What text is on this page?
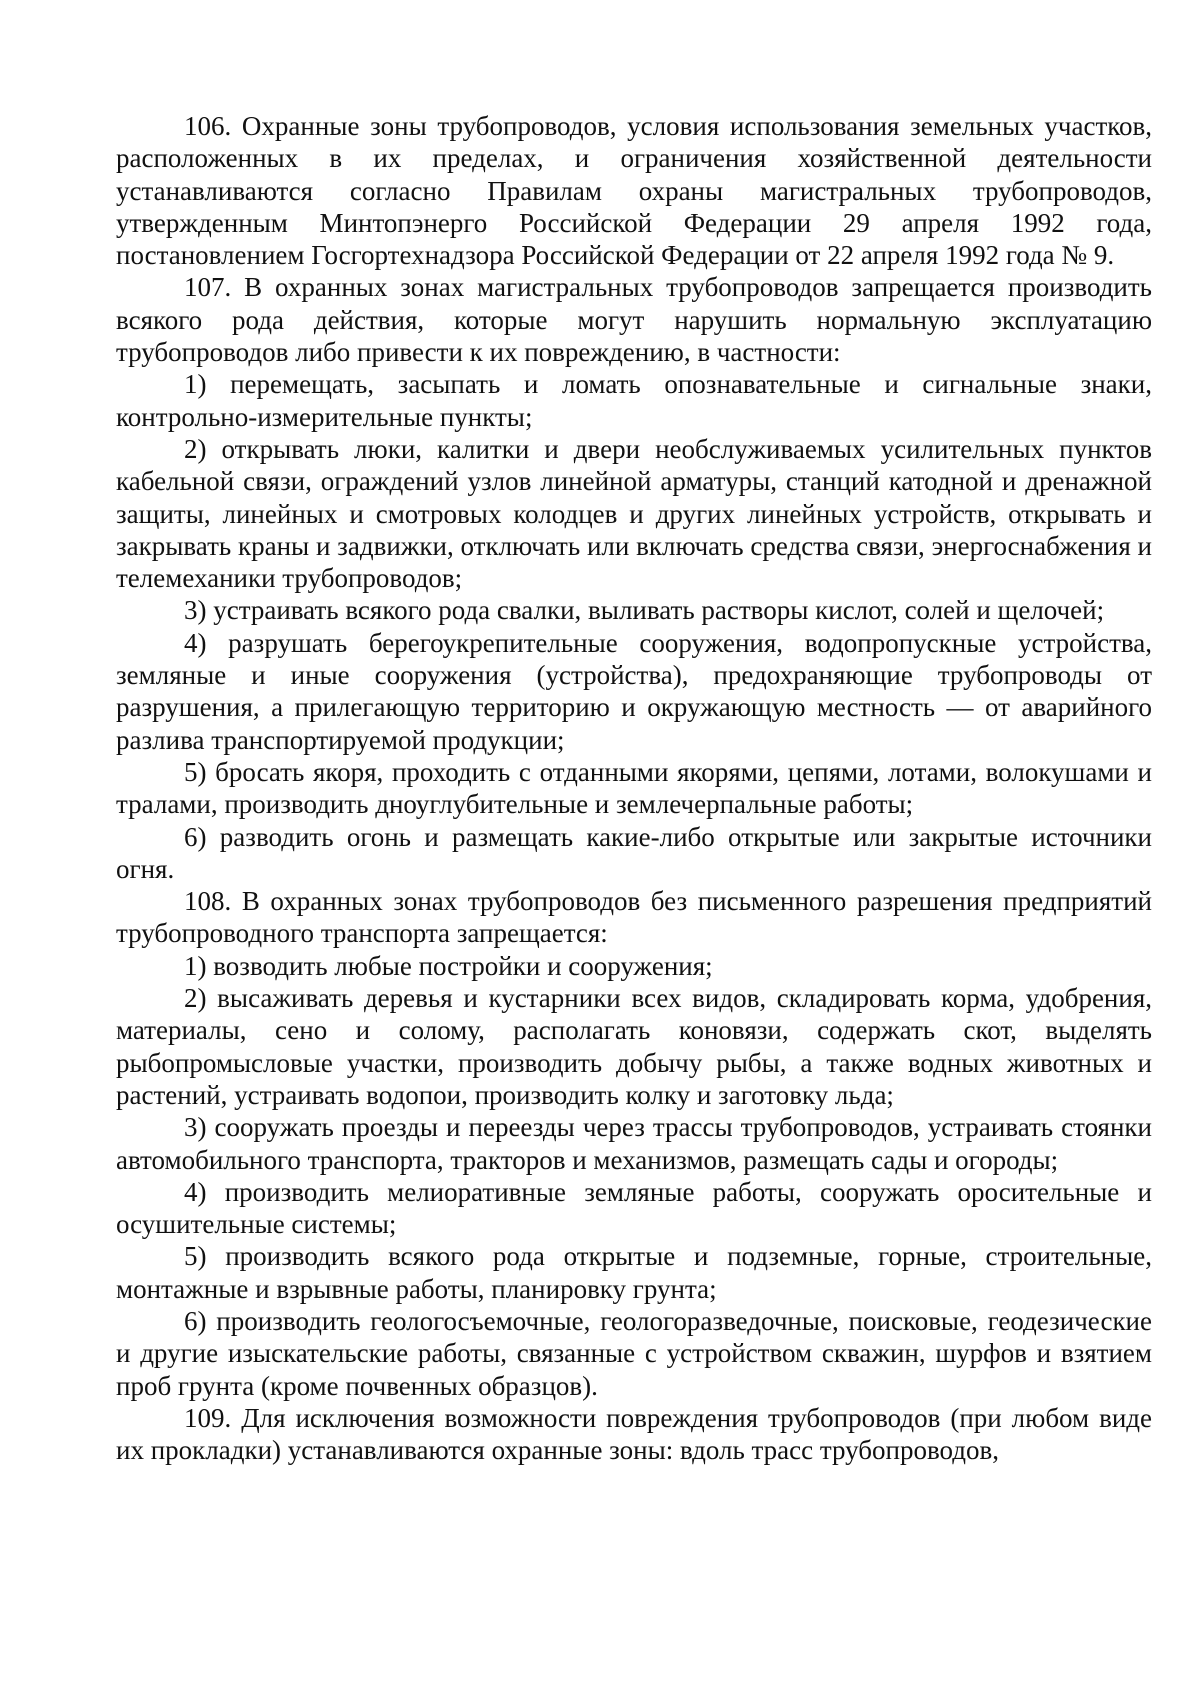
106. Охранные зоны трубопроводов, условия использования земельных участков, расположенных в их пределах, и ограничения хозяйственной деятельности устанавливаются согласно Правилам охраны магистральных трубопроводов, утвержденным Минтопэнерго Российской Федерации 29 апреля 1992 года, постановлением Госгортехнадзора Российской Федерации от 22 апреля 1992 года № 9.

107. В охранных зонах магистральных трубопроводов запрещается производить всякого рода действия, которые могут нарушить нормальную эксплуатацию трубопроводов либо привести к их повреждению, в частности:

1) перемещать, засыпать и ломать опознавательные и сигнальные знаки, контрольно-измерительные пункты;

2) открывать люки, калитки и двери необслуживаемых усилительных пунктов кабельной связи, ограждений узлов линейной арматуры, станций катодной и дренажной защиты, линейных и смотровых колодцев и других линейных устройств, открывать и закрывать краны и задвижки, отключать или включать средства связи, энергоснабжения и телемеханики трубопроводов;

3) устраивать всякого рода свалки, выливать растворы кислот, солей и щелочей;

4) разрушать берегоукрепительные сооружения, водопропускные устройства, земляные и иные сооружения (устройства), предохраняющие трубопроводы от разрушения, а прилегающую территорию и окружающую местность — от аварийного разлива транспортируемой продукции;

5) бросать якоря, проходить с отданными якорями, цепями, лотами, волокушами и тралами, производить дноуглубительные и землечерпальные работы;

6) разводить огонь и размещать какие-либо открытые или закрытые источники огня.

108. В охранных зонах трубопроводов без письменного разрешения предприятий трубопроводного транспорта запрещается:

1) возводить любые постройки и сооружения;

2) высаживать деревья и кустарники всех видов, складировать корма, удобрения, материалы, сено и солому, располагать коновязи, содержать скот, выделять рыбопромысловые участки, производить добычу рыбы, а также водных животных и растений, устраивать водопои, производить колку и заготовку льда;

3) сооружать проезды и переезды через трассы трубопроводов, устраивать стоянки автомобильного транспорта, тракторов и механизмов, размещать сады и огороды;

4) производить мелиоративные земляные работы, сооружать оросительные и осушительные системы;

5) производить всякого рода открытые и подземные, горные, строительные, монтажные и взрывные работы, планировку грунта;

6) производить геологосъемочные, геологоразведочные, поисковые, геодезические и другие изыскательские работы, связанные с устройством скважин, шурфов и взятием проб грунта (кроме почвенных образцов).

109. Для исключения возможности повреждения трубопроводов (при любом виде их прокладки) устанавливаются охранные зоны: вдоль трасс трубопроводов,
